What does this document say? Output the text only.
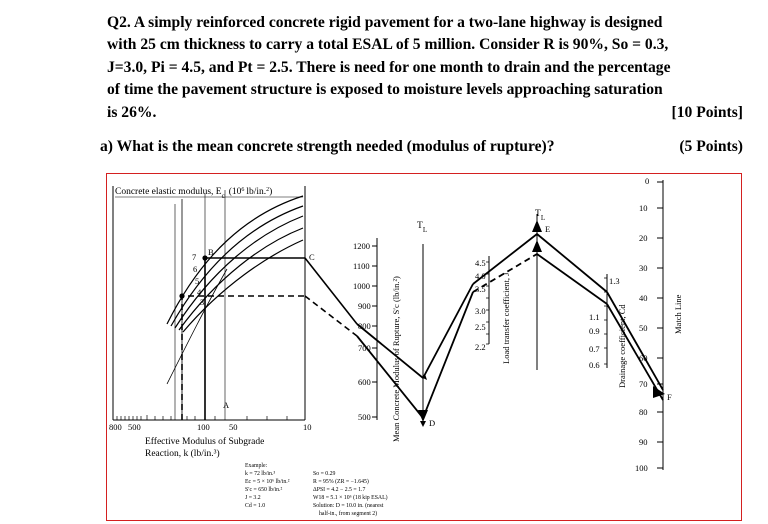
Q2. A simply reinforced concrete rigid pavement for a two-lane highway is designed
with 25 cm thickness to carry a total ESAL of 5 million. Consider R is 90%, So = 0.3,
J=3.0, Pi = 4.5, and Pt = 2.5. There is need for one month to drain and the percentage
of time the pavement structure is exposed to moisture levels approaching saturation
is 26%.	[10 Points]
a) What is the mean concrete strength needed (modulus of rupture)?	(5 Points)
Concrete elastic modulus, $E_c$ ($10^6$ lb/in.$^2$)
7
6
5
4
3
B	C
A
800 500	100 50	10
Effective Modulus of Subgrade
Reaction, k (lb/in.³)
Example:
k = 72 lb/in.³
Ec = 5 × 10⁶ lb/in.²
S′c = 650 lb/in.²
J = 3.2
Cd = 1.0
So = 0.29
R = 95% (ZR = −1.645)
ΔPSI = 4.2 − 2.5 = 1.7
W18 = 5.1 × 10⁶ (18 kip ESAL)
Solution: D = 10.0 in. (nearest
half-in., from segment 2)
1200
1100
1000
900
800
700
600
500 Mean Concrete Modulus of Rupture, S′c (lb/in.²)
$T_L$
D
4.5
4.0
3.5
3.0
2.5
2.2 Load transfer coefficient, J
$T_L$
E
1.3
1.1
0.9
0.7
0.6 Drainage coefficient, Cd
F
0
10
20
30
40
50
60
70
80
90
100
Match Line
